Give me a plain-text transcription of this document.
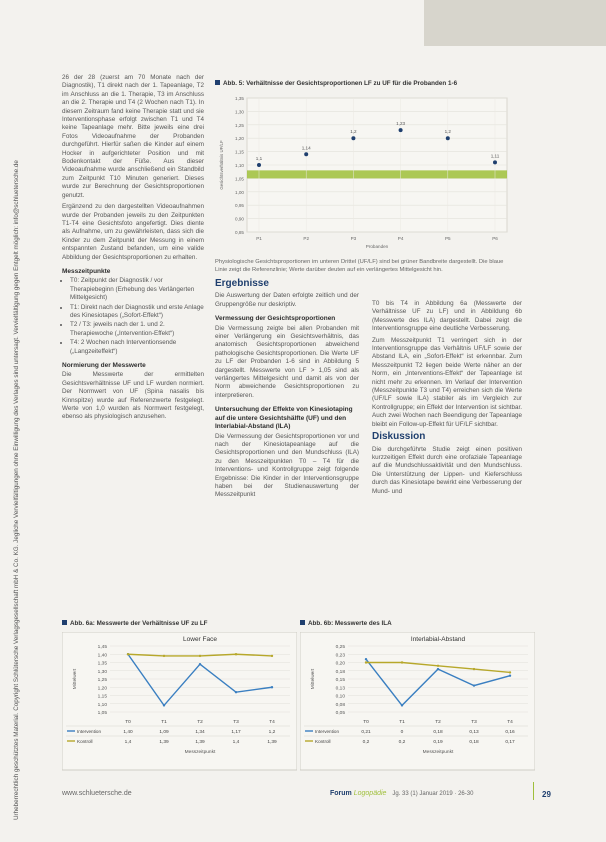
Urheberrechtlich geschütztes Material. Copyright Schlütersche Verlagsgesellschaft mbH & Co. KG. Jegliche Vervielfältigungen ohne Einwilligung des Verlages sind untersagt. Vervielfältigung gegen Entgelt möglich: info@schluetersche.de

26 der 28 (zuerst am 70 Monate nach der Diagnostik), T1 direkt nach der 1. Tapeanlage, T2 im Anschluss an die 1. Therapie, T3 im Anschluss an die 2. Therapie und T4 (2 Wochen nach T1). In diesem Zeitraum fand keine Therapie statt und sie Interventionsphase erfolgt zwischen T1 und T4 keine Tapeanlage mehr. Bitte jeweils eine drei Fotos Videoaufnahme der Probanden durchgeführt. Hierfür saßen die Kinder auf einem Hocker in aufgerichteter Position und mit Bodenkontakt der Füße. Aus dieser Videoaufnahme wurde anschließend ein Standbild zum Zeitpunkt T10 Minuten generiert. Dieses wurde zur Berechnung der Gesichtsproportionen genutzt.

Ergänzend zu den dargestellten Videoaufnahmen wurde der Probanden jeweils zu den Zeitpunkten T1-T4 eine Gesichtsfoto angefertigt. Dies diente als Aufnahme, um zu gewährleisten, dass sich die Kinder zu dem Zeitpunkt der Messung in einem entspannten Zustand befanden, um eine valide Abbildung der Gesichtsproportionen zu erhalten.

Messzeitpunkte
• T0: Zeitpunkt der Diagnostik / vor Therapiebeginn (Erhebung des Verlängerten Mittelgesicht)
• T1: Direkt nach der Diagnostik und erste Anlage des Kinesiotapes („Sofort-Effekt“)
• T2 / T3: jeweils nach der 1. und 2. Therapiewoche („Intervention-Effekt“)
• T4: 2 Wochen nach Interventionsende („Langzeiteffekt“)
Normierung der Messwerte

Die Messwerte der ermittelten Gesichtsverhältnisse UF und LF wurden normiert. Der Normwert von UF (Spina nasalis bis Kinnspitze) wurde auf Referenzwerte festgelegt. Werte von 1,0 wurden als Normwert festgelegt, ebenso als physiologisch anzusehen.

Abb. 5: Verhältnisse der Gesichtsproportionen LF zu UF für die Probanden 1-6
1,35
1,30
1,25
1,20
1,15
1,10
1,05
1,00
0,95
0,90
0,85
1,1
P1
1,14
P2
1,2
P3
1,23
P4
1,2
P5
1,11
P6
Probanden
Gesichtsverhältnis UF/LF
Physiologische Gesichtsproportionen im unteren Drittel (UF/LF) sind bei grüner Bandbreite dargestellt. Die blaue Linie zeigt die Referenzlinie; Werte darüber deuten auf ein verlängertes Mittelgesicht hin.
Ergebnisse

Die Auswertung der Daten erfolgte zeitlich und der Gruppengröße nur deskriptiv.

Vermessung der Gesichtsproportionen

Die Vermessung zeigte bei allen Probanden mit einer Verlängerung ein Gesichtsverhältnis, das anatomisch Gesichtsproportionen abweichend pathologische Gesichtsproportionen. Die Werte UF zu LF der Probanden 1-6 sind in Abbildung 5 dargestellt. Messwerte von LF > 1,05 sind als verlängertes Mittelgesicht und damit als von der Norm abweichende Gesichtsproportionen zu interpretieren.

Untersuchung der Effekte von Kinesiotaping auf die untere Gesichtshälfte (UF) und den Interlabial-Abstand (ILA)

Die Vermessung der Gesichtsproportionen vor und nach der Kinesiotapeanlage auf die Gesichtsproportionen und den Mundschluss (ILA) zu den Messzeitpunkten T0 – T4 für die Interventions- und Kontrollgruppe zeigt folgende Ergebnisse: Die Kinder in der Interventionsgruppe haben bei der Studienauswertung der Messzeitpunkt

T0 bis T4 in Abbildung 6a (Messwerte der Verhältnisse UF zu LF) und in Abbildung 6b (Messwerte des ILA) dargestellt. Dabei zeigt die Interventionsgruppe eine deutliche Verbesserung.

Zum Messzeitpunkt T1 verringert sich in der Interventionsgruppe das Verhältnis UF/LF sowie der Abstand ILA, ein „Sofort-Effekt“ ist erkennbar. Zum Messzeitpunkt T2 liegen beide Werte näher an der Norm, ein „Interventions-Effekt“ der Tapeanlage ist nicht mehr zu erkennen. Im Verlauf der Intervention (Messzeitpunkte T3 und T4) erreichen sich die Werte (UF/LF sowie ILA) stabiler als im Vergleich zur Kontrollgruppe; ein Effekt der Intervention ist sichtbar. Auch zwei Wochen nach Beendigung der Tapeanlage bleibt ein Follow-up-Effekt für UF/LF sichtbar.

Diskussion

Die durchgeführte Studie zeigt einen positiven kurzzeitigen Effekt durch eine orofaziale Tapeanlage auf die Mundschlussaktivität und den Mundschluss. Die Unterstützung der Lippen- und Kieferschluss durch das Kinesiotape bewirkt eine Verbesserung der Mund- und

Abb. 6a: Messwerte der Verhältnisse UF zu LF
Lower Face
1,45
1,40
1,35
1,30
1,25
1,20
1,15
1,10
1,05
Mittelwert
T0	T1	T2	T3	T4
Intervention	1,40	1,09	1,34	1,17	1,2
Kontroll	1,4	1,39	1,39	1,4	1,39
Messzeitpunkt
Abb. 6b: Messwerte des ILA
Interlabial-Abstand
0,25
0,23
0,20
0,18
0,15
0,13
0,10
0,08
0,05
Mittelwert
T0	T1	T2	T3	T4
Intervention	0,21	0	0,18	0,13	0,16
Kontroll	0,2	0,2	0,19	0,18	0,17
Messzeitpunkt
www.schluetersche.de	Forum Logopädie Jg. 33 (1) Januar 2019 · 26-30	29
